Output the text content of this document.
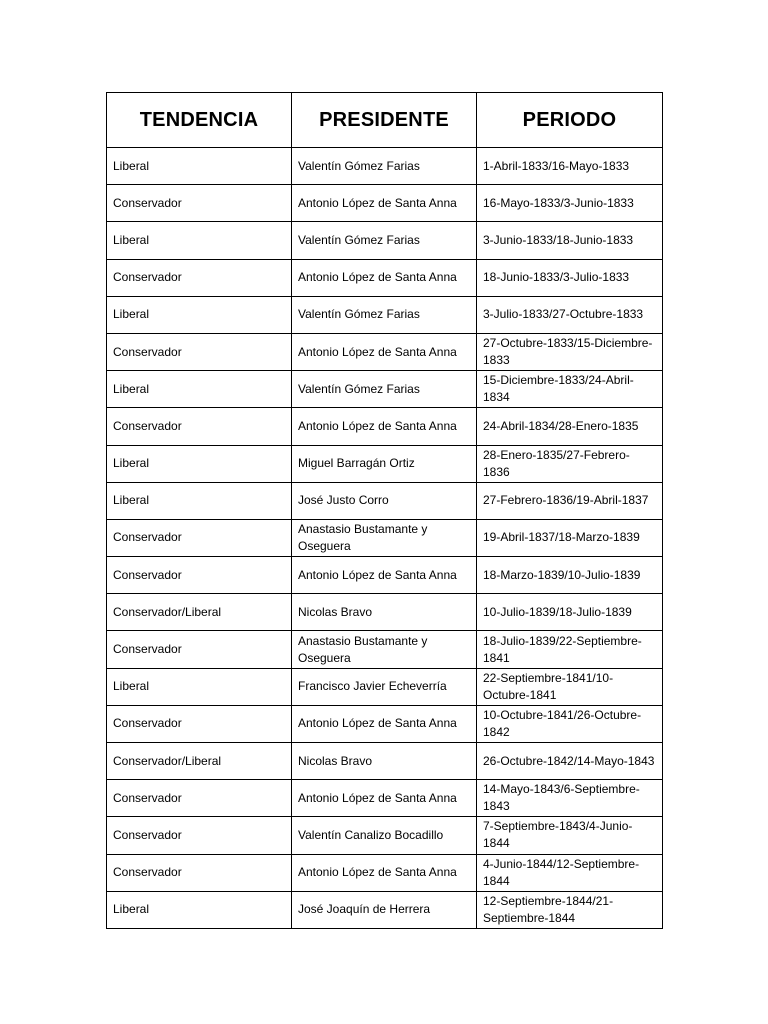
TENDENCIA	PRESIDENTE	PERIODO
Liberal	Valentín Gómez Farias	1-Abril-1833/16-Mayo-1833
Conservador	Antonio López de Santa Anna	16-Mayo-1833/3-Junio-1833
Liberal	Valentín Gómez Farias	3-Junio-1833/18-Junio-1833
Conservador	Antonio López de Santa Anna	18-Junio-1833/3-Julio-1833
Liberal	Valentín Gómez Farias	3-Julio-1833/27-Octubre-1833
Conservador	Antonio López de Santa Anna	27-Octubre-1833/15-Diciembre-1833
Liberal	Valentín Gómez Farias	15-Diciembre-1833/24-Abril-1834
Conservador	Antonio López de Santa Anna	24-Abril-1834/28-Enero-1835
Liberal	Miguel Barragán Ortiz	28-Enero-1835/27-Febrero-1836
Liberal	José Justo Corro	27-Febrero-1836/19-Abril-1837
Conservador	Anastasio Bustamante y Oseguera	19-Abril-1837/18-Marzo-1839
Conservador	Antonio López de Santa Anna	18-Marzo-1839/10-Julio-1839
Conservador/Liberal	Nicolas Bravo	10-Julio-1839/18-Julio-1839
Conservador	Anastasio Bustamante y Oseguera	18-Julio-1839/22-Septiembre-1841
Liberal	Francisco Javier Echeverría	22-Septiembre-1841/10-Octubre-1841
Conservador	Antonio López de Santa Anna	10-Octubre-1841/26-Octubre-1842
Conservador/Liberal	Nicolas Bravo	26-Octubre-1842/14-Mayo-1843
Conservador	Antonio López de Santa Anna	14-Mayo-1843/6-Septiembre-1843
Conservador	Valentín Canalizo Bocadillo	7-Septiembre-1843/4-Junio-1844
Conservador	Antonio López de Santa Anna	4-Junio-1844/12-Septiembre-1844
Liberal	José Joaquín de Herrera	12-Septiembre-1844/21-Septiembre-1844
